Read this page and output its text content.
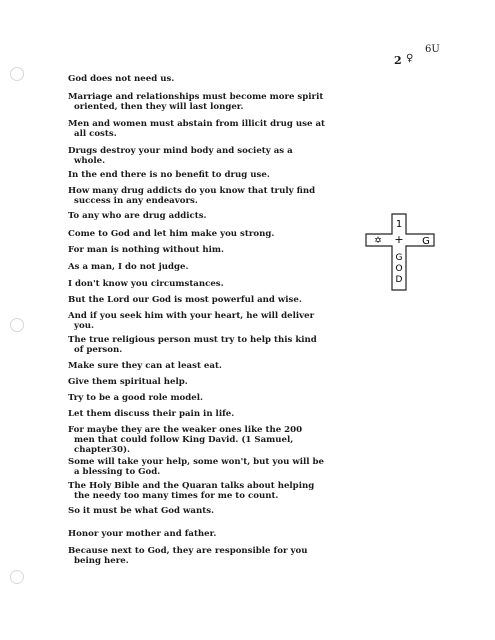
2 ♀
6U
God does not need us.
Marriage and relationships must become more spirit
oriented, then they will last longer.
Men and women must abstain from illicit drug use at
all costs.
Drugs destroy your mind body and society as a
whole.
In the end there is no benefit to drug use.
How many drug addicts do you know that truly find
success in any endeavors.
To any who are drug addicts.
Come to God and let him make you strong.
For man is nothing without him.
As a man, I do not judge.
I don't know you circumstances.
But the Lord our God is most powerful and wise.
And if you seek him with your heart, he will deliver
you.
The true religious person must try to help this kind
of person.
Make sure they can at least eat.
Give them spiritual help.
Try to be a good role model.
Let them discuss their pain in life.
For maybe they are the weaker ones like the 200
men that could follow King David. (1 Samuel,
chapter30).
Some will take your help, some won't, but you will be
a blessing to God.
The Holy Bible and the Quaran talks about helping
the needy too many times for me to count.
So it must be what God wants.
Honor your mother and father.
Because next to God, they are responsible for you
being here.
1
+
✡	G
G
O
D
